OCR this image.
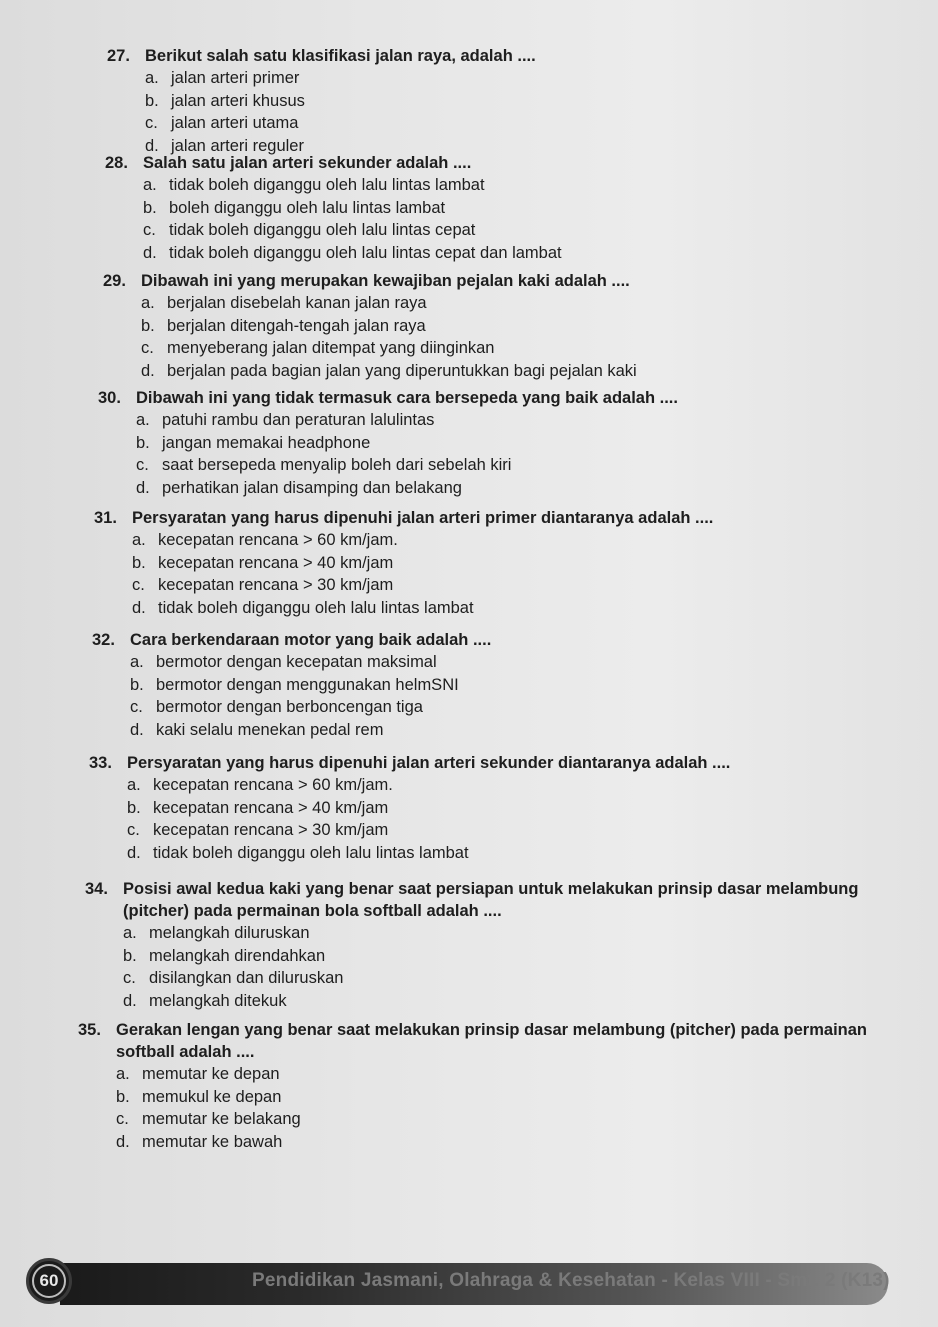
27. Berikut salah satu klasifikasi jalan raya, adalah ....
a. jalan arteri primer
b. jalan arteri khusus
c. jalan arteri utama
d. jalan arteri reguler
28. Salah satu jalan arteri sekunder adalah ....
a. tidak boleh diganggu oleh lalu lintas lambat
b. boleh diganggu oleh lalu lintas lambat
c. tidak boleh diganggu oleh lalu lintas cepat
d. tidak boleh diganggu oleh lalu lintas cepat dan lambat
29. Dibawah ini yang merupakan kewajiban pejalan kaki adalah ....
a. berjalan disebelah kanan jalan raya
b. berjalan ditengah-tengah jalan raya
c. menyeberang jalan ditempat yang diinginkan
d. berjalan pada bagian jalan yang diperuntukkan bagi pejalan kaki
30. Dibawah ini yang tidak termasuk cara bersepeda yang baik adalah ....
a. patuhi rambu dan peraturan lalulintas
b. jangan memakai headphone
c. saat bersepeda menyalip boleh dari sebelah kiri
d. perhatikan jalan disamping dan belakang
31. Persyaratan yang harus dipenuhi jalan arteri primer diantaranya adalah ....
a. kecepatan rencana > 60 km/jam.
b. kecepatan rencana > 40 km/jam
c. kecepatan rencana > 30 km/jam
d. tidak boleh diganggu oleh lalu lintas lambat
32. Cara berkendaraan motor yang baik adalah ....
a. bermotor dengan kecepatan maksimal
b. bermotor dengan menggunakan helmSNI
c. bermotor dengan berboncengan tiga
d. kaki selalu menekan pedal rem
33. Persyaratan yang harus dipenuhi jalan arteri sekunder diantaranya adalah ....
a. kecepatan rencana > 60 km/jam.
b. kecepatan rencana > 40 km/jam
c. kecepatan rencana > 30 km/jam
d. tidak boleh diganggu oleh lalu lintas lambat
34. Posisi awal kedua kaki yang benar saat persiapan untuk melakukan prinsip dasar melambung (pitcher) pada permainan bola softball adalah ....
a. melangkah diluruskan
b. melangkah direndahkan
c. disilangkan dan diluruskan
d. melangkah ditekuk
35. Gerakan lengan yang benar saat melakukan prinsip dasar melambung (pitcher) pada permainan softball adalah ....
a. memutar ke depan
b. memukul ke depan
c. memutar ke belakang
d. memutar ke bawah
Pendidikan Jasmani, Olahraga & Kesehatan - Kelas VIII - Smt. 2 (K13)
60
